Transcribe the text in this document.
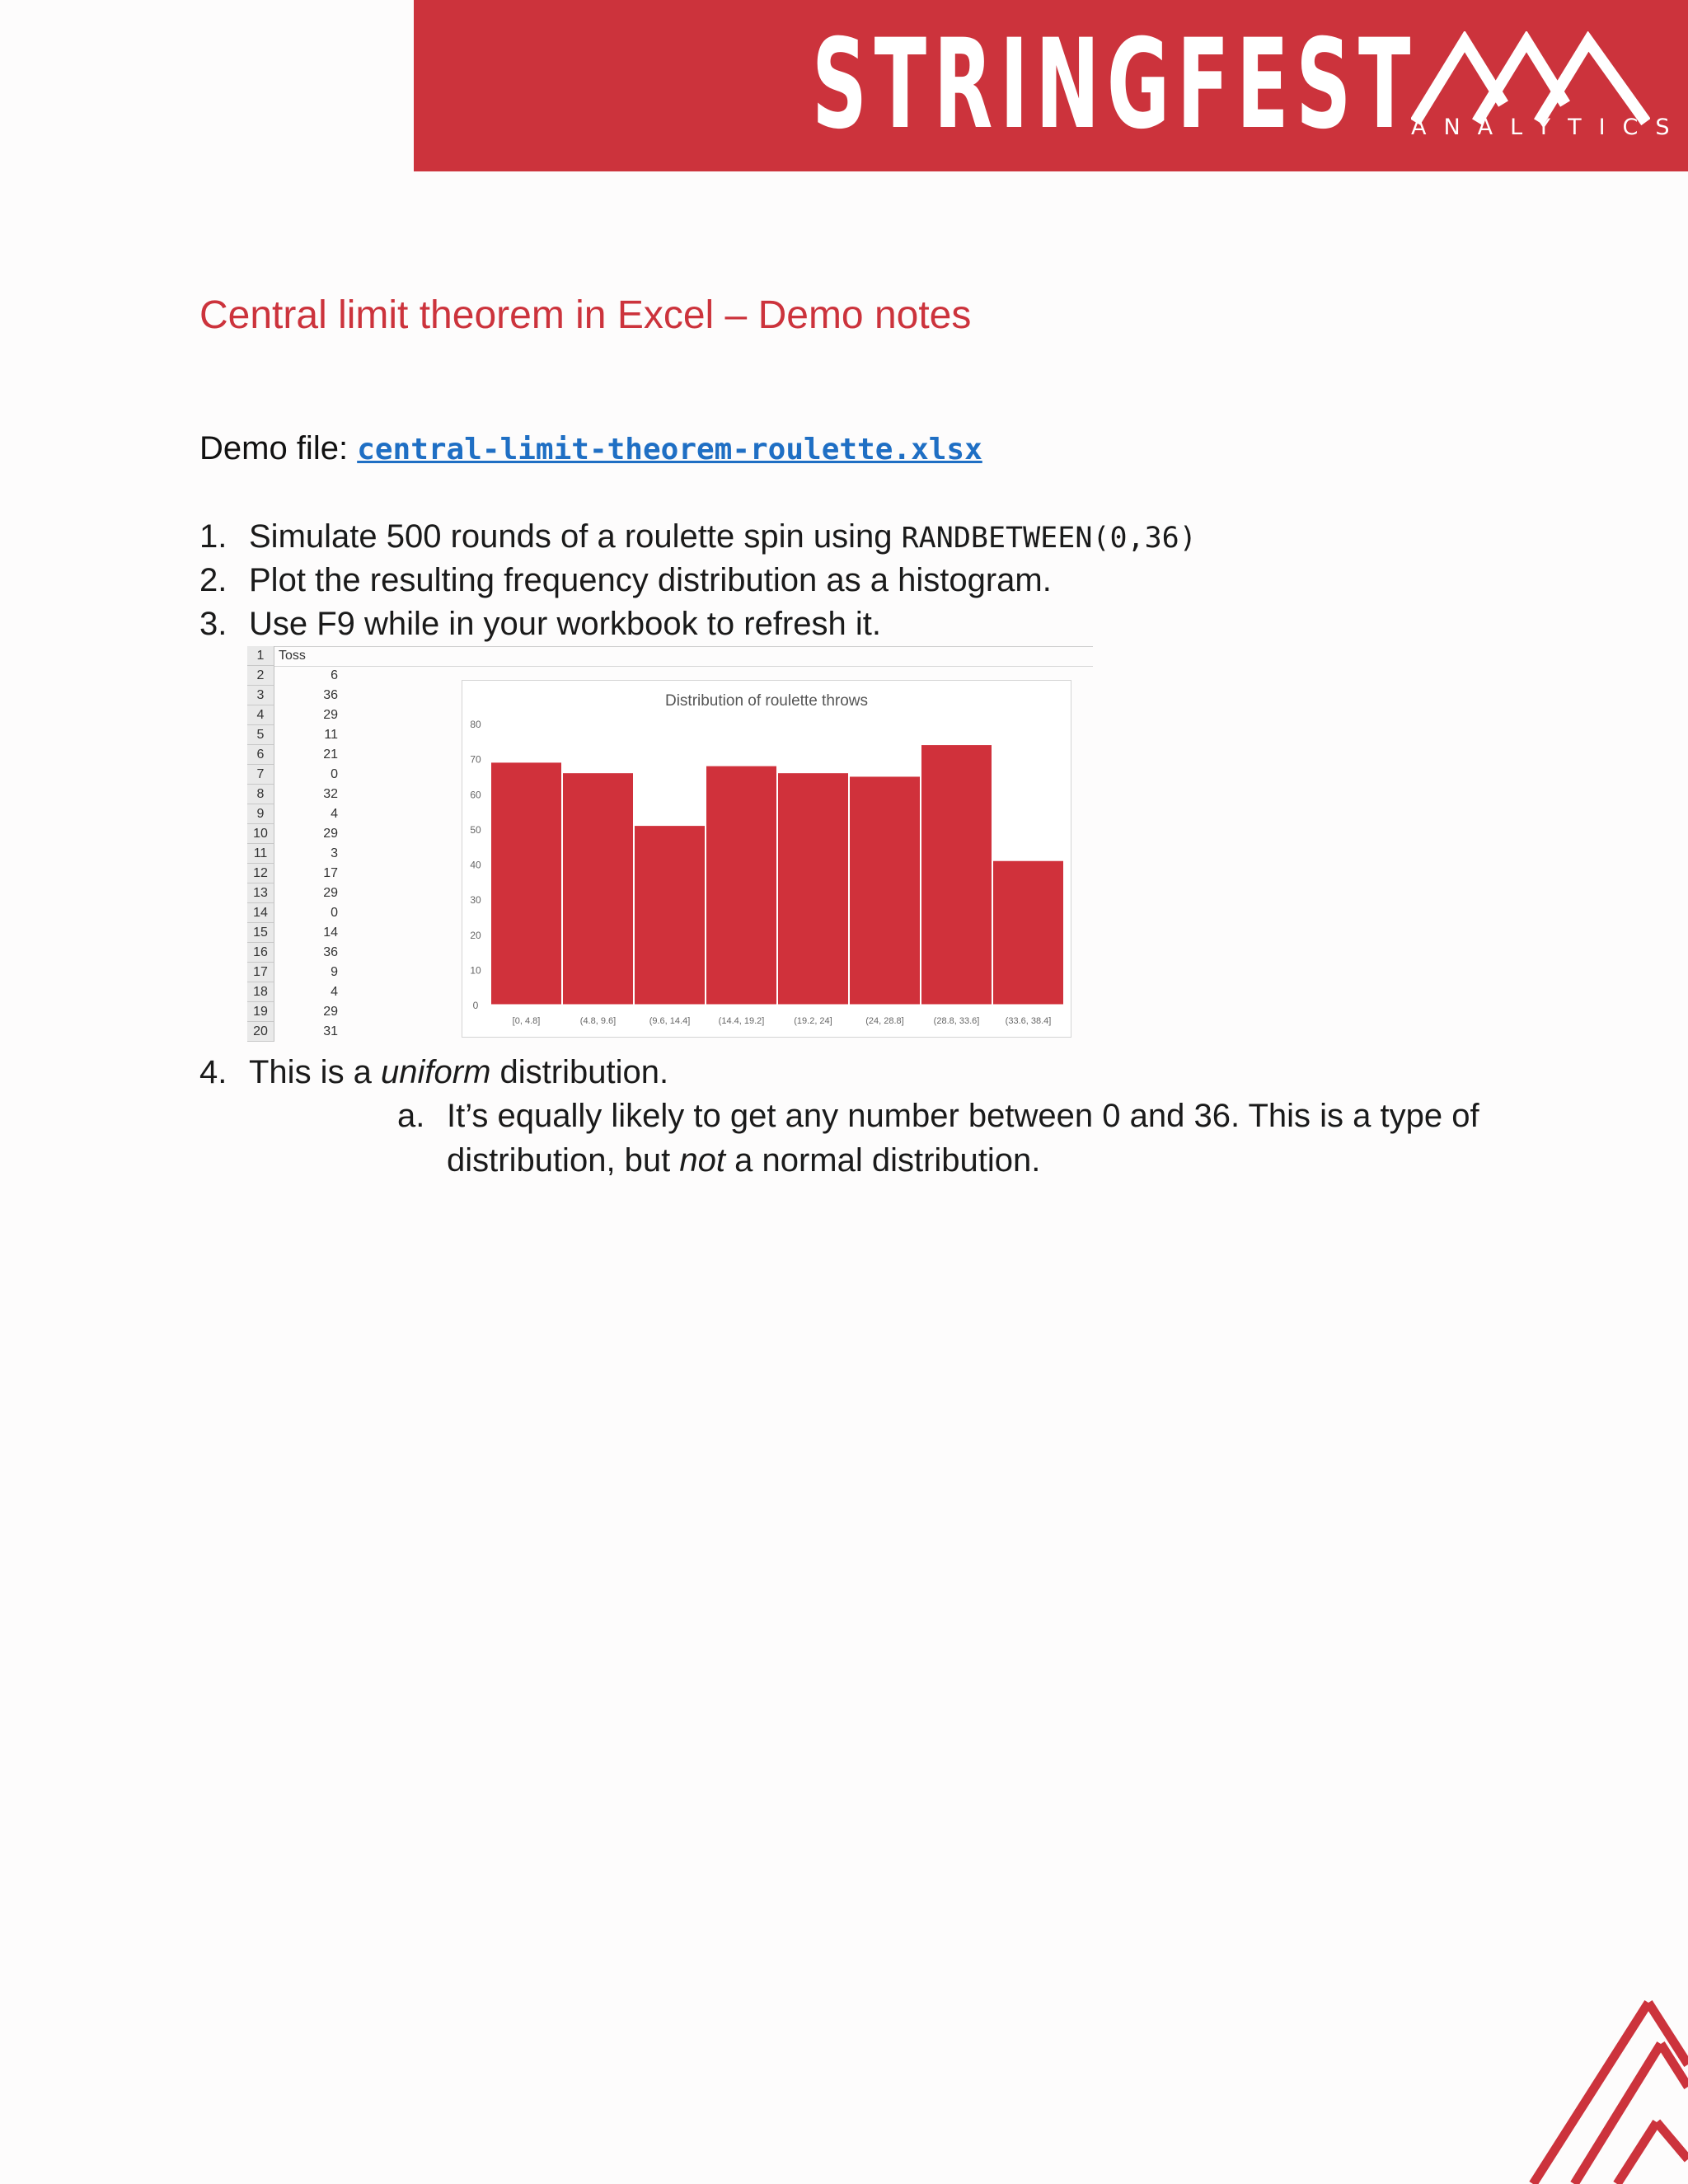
STRINGFEST
ANALYTICS
Central limit theorem in Excel – Demo notes
Demo file: central-limit-theorem-roulette.xlsx
1. Simulate 500 rounds of a roulette spin using RANDBETWEEN(0,36)
2. Plot the resulting frequency distribution as a histogram.
3. Use F9 while in your workbook to refresh it.
1	Toss
2	6
3	36
4	29
5	11
6	21
7	0
8	32
9	4
10	29
11	3
12	17
13	29
14	0
15	14
16	36
17	9
18	4
19	29
20	31
Distribution of roulette throws
0
10
20
30
40
50
60
70
80
[0, 4.8]	(4.8, 9.6]	(9.6, 14.4]	(14.4, 19.2]	(19.2, 24]	(24, 28.8]	(28.8, 33.6]	(33.6, 38.4]
4. This is a uniform distribution.
a. It’s equally likely to get any number between 0 and 36. This is a type of distribution, but not a normal distribution.
